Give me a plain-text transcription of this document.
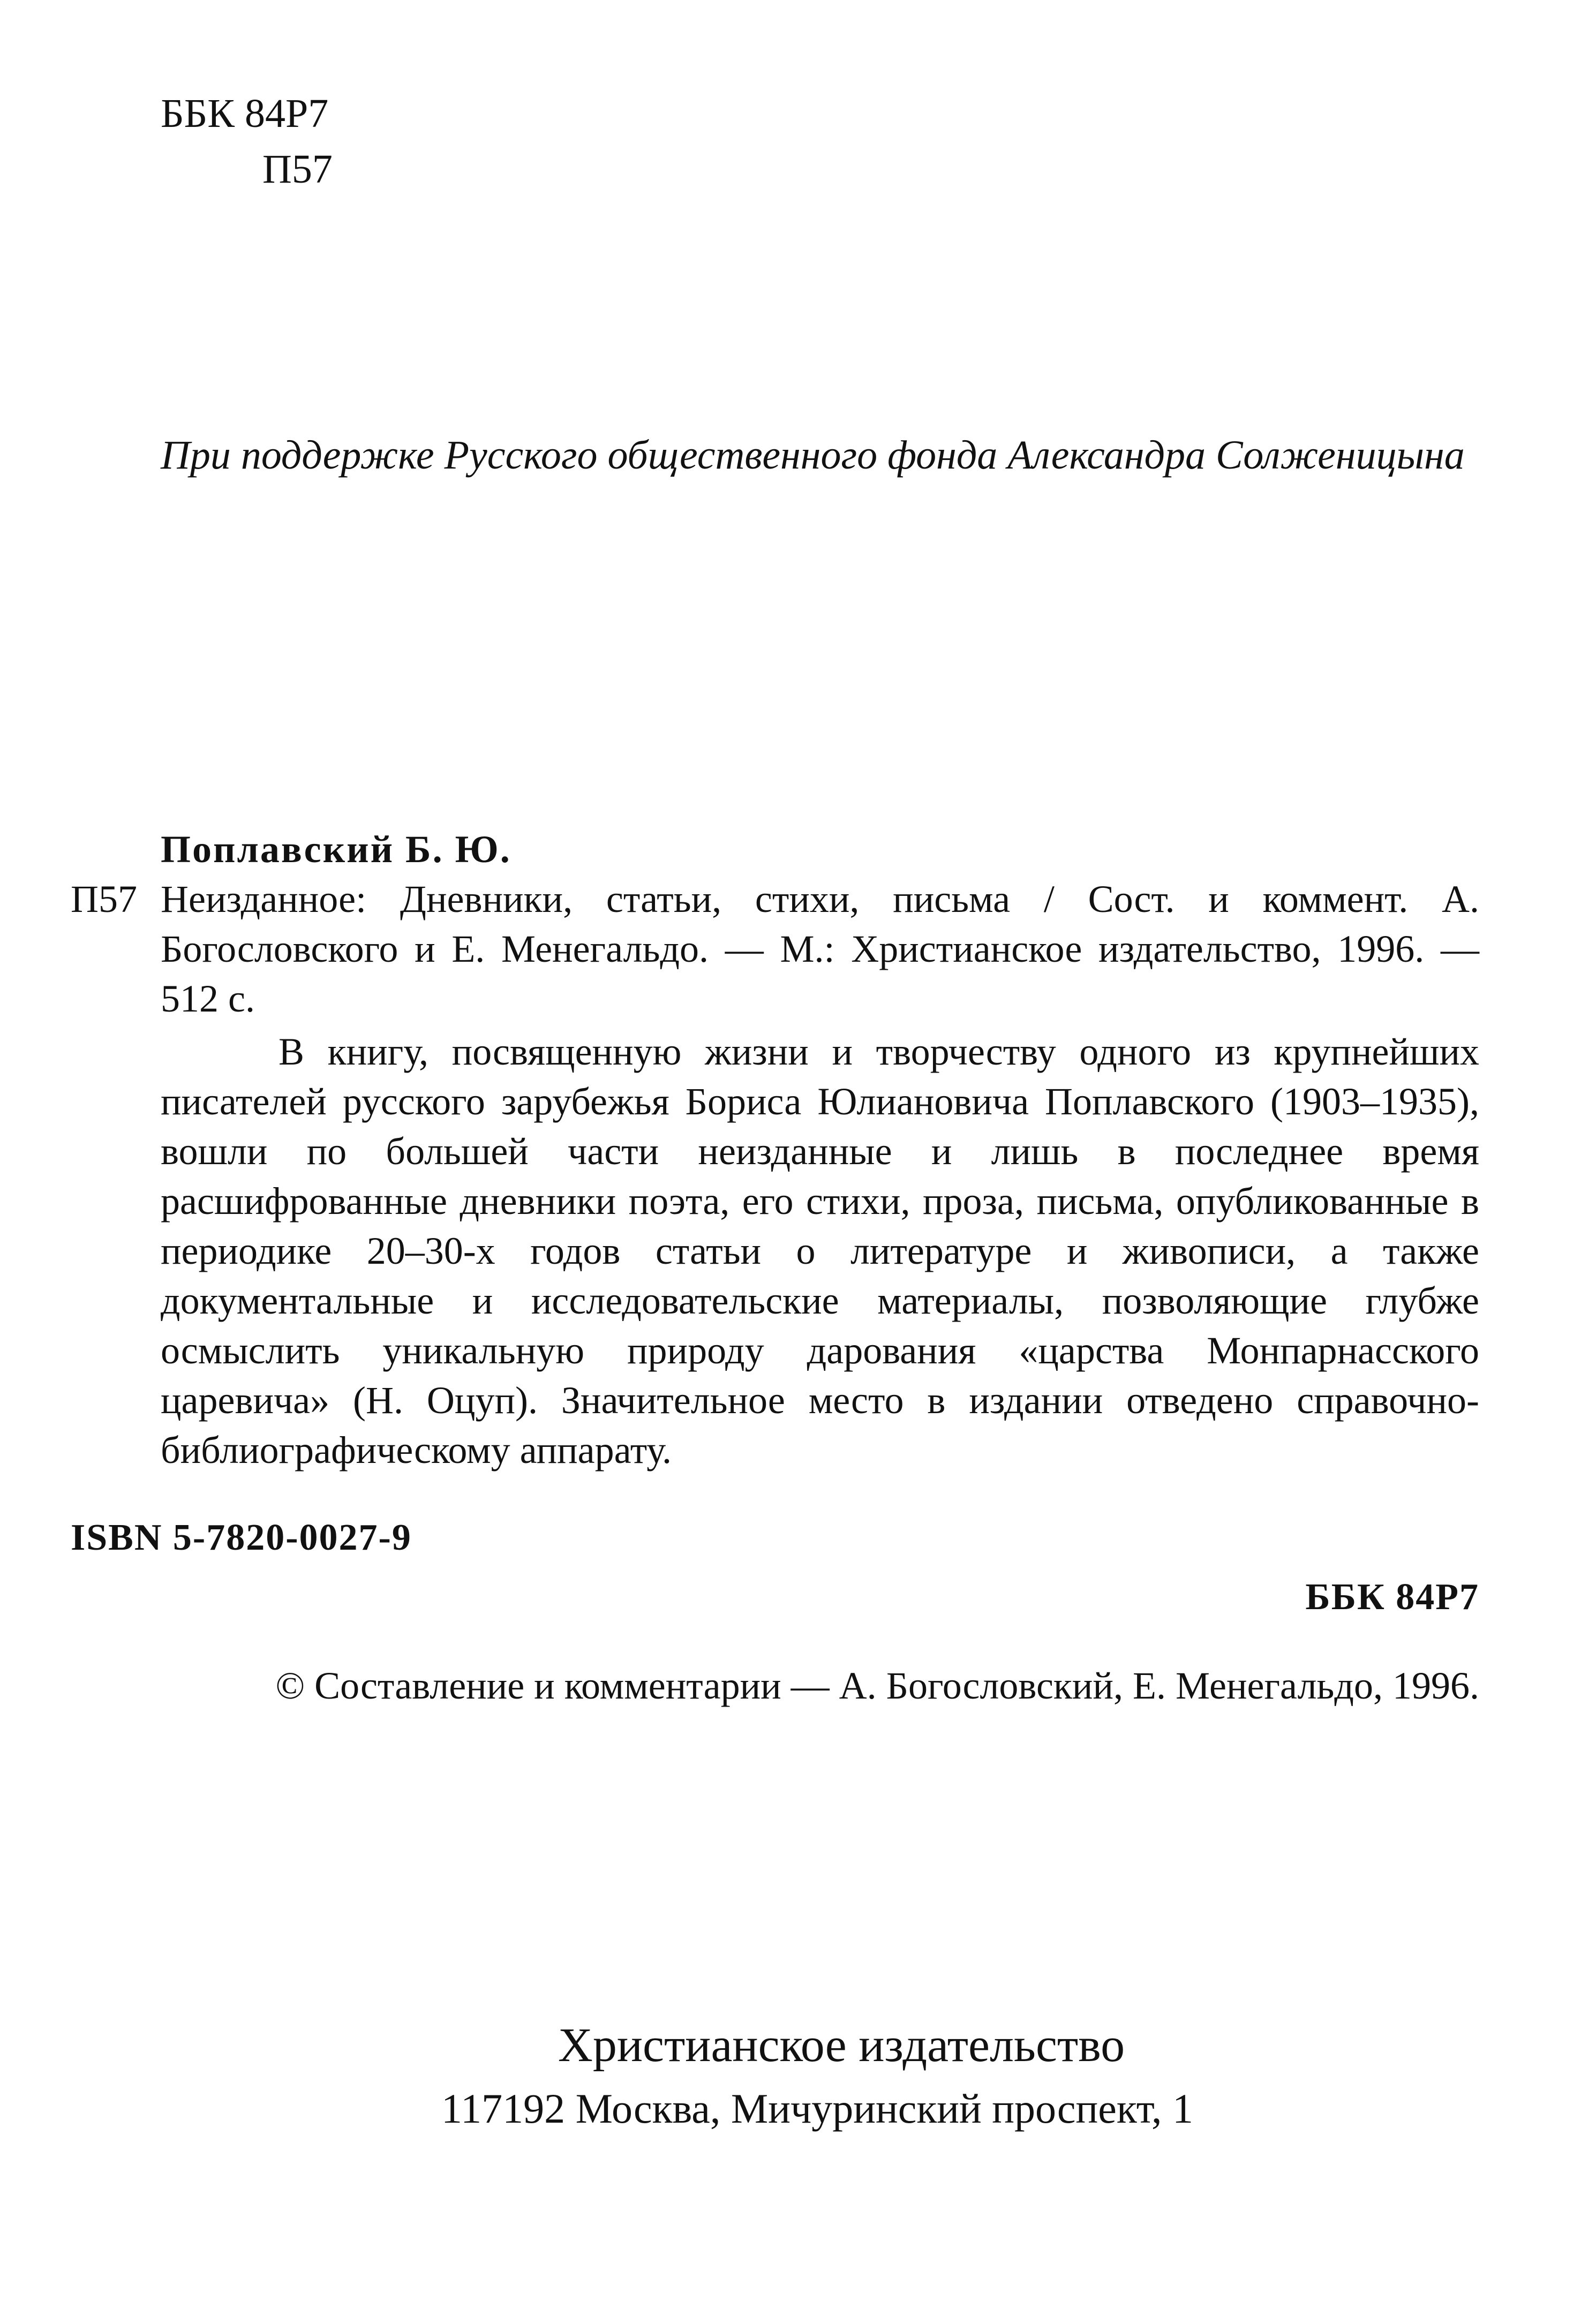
ББК 84Р7
П57
При поддержке Русского общественного фонда Александра Солженицына
Поплавский Б. Ю.
П57 Неизданное: Дневники, статьи, стихи, письма / Сост. и коммент. А. Богословского и Е. Менегальдо. — М.: Христианское издательство, 1996. — 512 с.
В книгу, посвященную жизни и творчеству одного из крупнейших писателей русского зарубежья Бориса Юлиановича Поплавского (1903–1935), вошли по большей части неизданные и лишь в последнее время расшифрованные дневники поэта, его стихи, проза, письма, опубликованные в периодике 20–30-х годов статьи о литературе и живописи, а также документальные и исследовательские материалы, позволяющие глубже осмыслить уникальную природу дарования «царства Монпарнасского царевича» (Н. Оцуп). Значительное место в издании отведено справочно-библиографическому аппарату.
ISBN 5-7820-0027-9
ББК 84Р7
© Составление и комментарии — А. Богословский, Е. Менегальдо, 1996.
Христианское издательство
117192 Москва, Мичуринский проспект, 1
